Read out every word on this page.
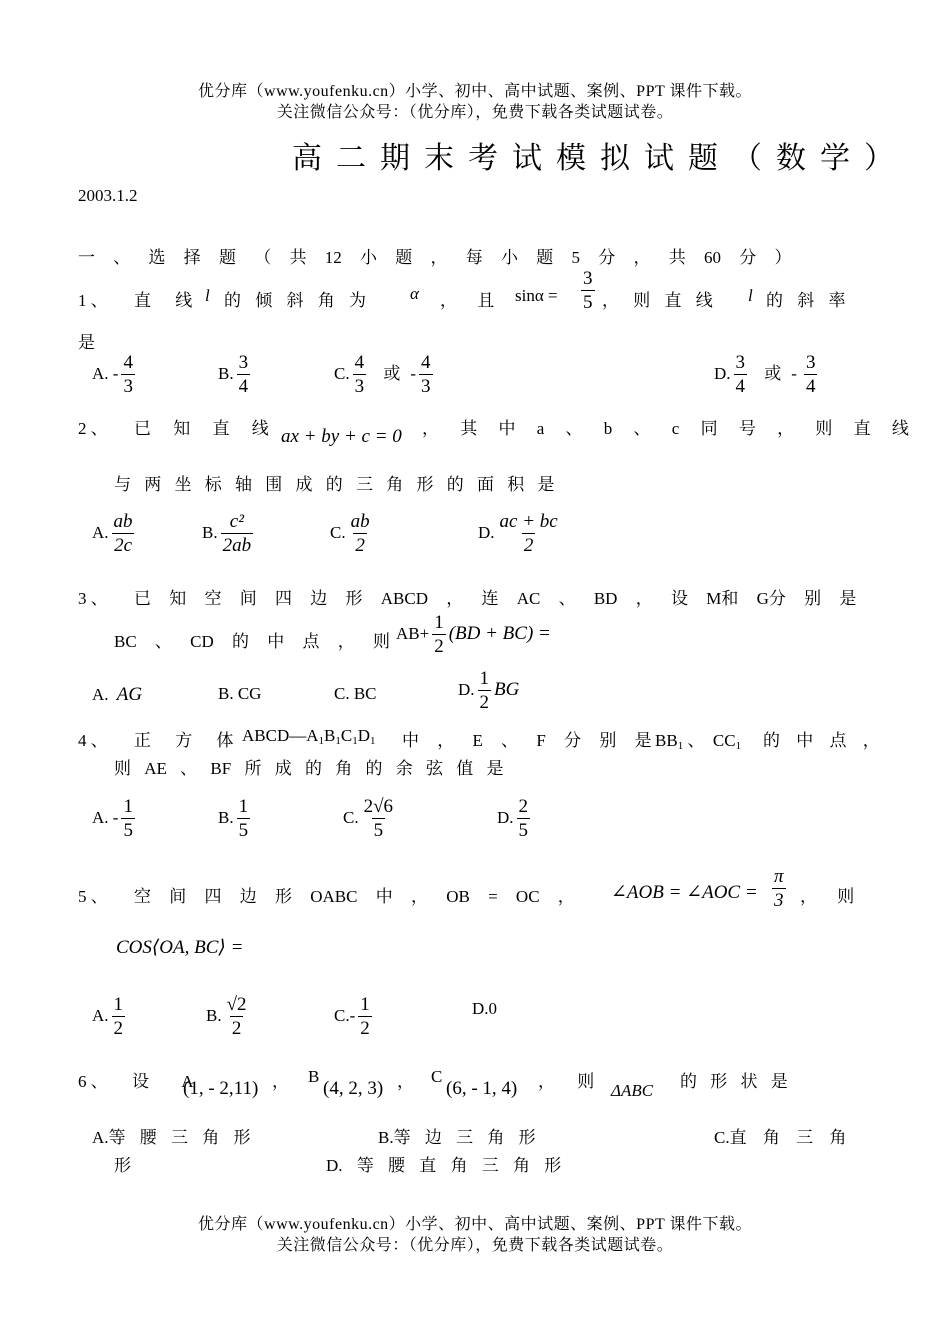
优分库（www.youfenku.cn）小学、初中、高中试题、案例、PPT 课件下载。
关注微信公众号：（优分库），免费下载各类试题试卷。
高二期末考试模拟试题（数学）
2003.1.2
一 、 选 择 题 （ 共 12 小 题 ， 每 小 题 5 分 ， 共 60 分 ）
1 、 直 线 l 的 倾 斜 角 为	α ， 且 $\sin\alpha = \frac{3}{5}$ ， 则 直 线 l 的 斜 率
是
A. - $\frac{4}{3}$	B. $\frac{3}{4}$	C. $\frac{4}{3}$ 或 - $\frac{4}{3}$	D. $\frac{3}{4}$ 或 - $\frac{3}{4}$
2 、 已 知 直 线 ax + by + c = 0 ， 其 中 a 、 b 、 c 同 号 ， 则 直 线
与 两 坐 标 轴 围 成 的 三 角 形 的 面 积 是
A. $\frac{ab}{2c}$	B. $\frac{\text{c²}}{2ab}$	C. $\frac{ab}{2}$	D. $\frac{ac + bc}{2}$
3 、 已 知 空 间 四 边 形 ABCD ， 连 AC 、 BD ， 设 M和 G分 别 是
BC 、 CD 的 中 点 ， 则 $AB+ \frac{1}{2} (BD + BC)$ =
A. AG	B. CG	C. BC	D. $\frac{1}{2}$ BG
4 、 正 方 体
$ABCD—A_1B_1C_1D_1$ 中 ， E 、 F 分 别 是 $BB_1$ 、  $CC_1$ 的 中 点 ，
则 AE 、 BF 所 成 的 角 的 余 弦 值 是
A. - $\frac{1}{5}$	B. $\frac{1}{5}$	C. $\frac{2√6}{5}$	D. $\frac{2}{5}$
5 、 空 间 四 边 形 OABC 中 ， OB = OC ， ∠AOB = ∠AOC = $\frac{\pi}{3}$ ， 则
COS⟨OA, BC⟩ =
A. $\frac{1}{2}$	B. $\frac{√2}{2}$	$C.- \frac{1}{2}$	D.0
6 、 设 A
(1, - 2,11) ， B
(4, 2, 3) ， C
(6, - 1, 4) ， 则 ΔABC 的 形 状 是
A.等 腰 三 角 形	B.等 边 三 角 形	C.直 角 三 角
形	D. 等 腰 直 角 三 角 形
优分库（www.youfenku.cn）小学、初中、高中试题、案例、PPT 课件下载。
关注微信公众号：（优分库），免费下载各类试题试卷。
